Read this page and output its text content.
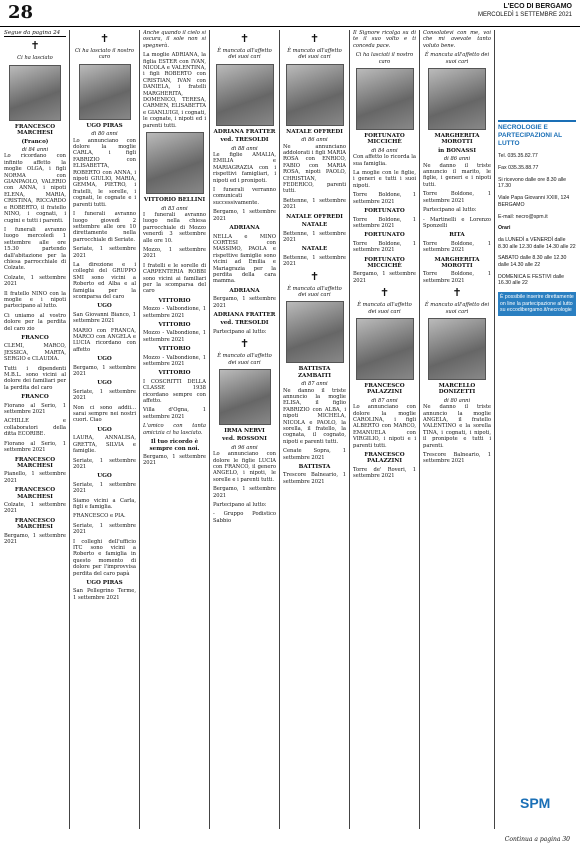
28	L'ECO DI BERGAMO
MERCOLEDÌ 1 SETTEMBRE 2021
Segue da pagina 24
✝
Ci ha lasciato
FRANCESCO MARCHESI
(Franco)
di 84 anni

Lo ricordano con infinito affetto la moglie OLGA, i figli NORMA con GIANPAOLO, VALERIO con ANNA, i nipoti ELENA, MARIA, CRISTINA, RICCARDO e ROBERTO, il fratello NINO, i cognati, i cugini e tutti i parenti.

I funerali avranno luogo mercoledì 1 settembre alle ore 15.30 partendo dall'abitazione per la chiesa parrocchiale di Colzate.

Colzate, 1 settembre 2021

Il fratello NINO con la moglie e i nipoti partecipano al lutto.

Ci uniamo al vostro dolore per la perdita del caro zio

FRANCO

CLEMI, MARCO, JESSICA, MARTA, SERGIO e CLAUDIA.

Tutti i dipendenti M.B.L. sono vicini al dolore dei familiari per la perdita del caro

FRANCO

Fiorano al Serio, 1 settembre 2021

ACHILLE e collaboratori della ditta ECORIBE.

Fiorano al Serio, 1 settembre 2021

FRANCESCO MARCHESI

Pianello, 1 settembre 2021

FRANCESCO MARCHESI

Colzate, 1 settembre 2021

FRANCESCO MARCHESI

Bergamo, 1 settembre 2021

✝
Ci ha lasciato il nostro caro
UGO PIRAS
di 80 anni

Lo annunciano con dolore la moglie CARLA, i figli FABRIZIO con ELISABETTA, ROBERTO con ANNA, i nipoti GIULIO, MARIA, GEMMA, PIETRO, i fratelli, le sorelle, i cognati, le cognate e i parenti tutti.

I funerali avranno luogo giovedì 2 settembre alle ore 10 direttamente nella parrocchiale di Seriate.

Seriate, 1 settembre 2021

La direzione e i colleghi del GRUPPO SMI sono vicini a Roberto ed Alba e al famiglia per la scomparsa del caro

UGO

San Giovanni Bianco, 1 settembre 2021

MARIO con FRANCA, MARCO con ANGELA e LUCIA ricordano con affetto

UGO

Bergamo, 1 settembre 2021

UGO

Seriate, 1 settembre 2021

Non ci sono addii... sarai sempre nei nostri cuori. Ciao

UGO

LAURA, ANNALISA, GRETTA, SILVIA e famiglie.

Seriate, 1 settembre 2021

UGO

Seriate, 1 settembre 2021

Siamo vicini a Carla, figli e famiglia.

FRANCESCO e PIA.

Seriate, 1 settembre 2021

I colleghi dell'ufficio ITC sono vicini a Roberto e famiglia in questo momento di dolore per l'improvvisa perdita del caro papà

UGO PIRAS

San Pellegrino Terme, 1 settembre 2021

Anche quando il cielo si oscura, il sole non si spegnerà.

La moglie ADRIANA, la figlia ESTER con IVAN, NICOLA e VALENTINA, i figli ROBERTO con CRISTIAN, IVAN con DANIELA, i fratelli MARGHERITA, DOMENICO, TERESA, CARMEN, ELISABETTA e GIANLUIGI, i cognati, le cognate, i nipoti ed i parenti tutti.

VITTORIO BELLINI
di 83 anni

I funerali avranno luogo nella chiesa parrocchiale di Mozzo venerdì 3 settembre alle ore 10.

Mozzo, 1 settembre 2021

I fratelli e le sorelle di CARPENTERIA ROBBI sono vicini ai familiari per la scomparsa del caro

VITTORIO

Mozzo - Valbondione, 1 settembre 2021

VITTORIO

Mozzo - Valbondione, 1 settembre 2021

VITTORIO

Mozzo - Valbondione, 1 settembre 2021

VITTORIO

I COSCRITTI DELLA CLASSE 1938 ricordano sempre con affetto.

Villa d'Ogna, 1 settembre 2021

L'amico con tanta amicizia ci ha lasciato.

Il tuo ricordo è sempre con noi.

Bergamo, 1 settembre 2021

✝
È mancata all'affetto dei suoi cari
ADRIANA FRATTER
ved. TRESOLDI
di 88 anni

Le figlie AMALIA, EMILIA e MARIAGRAZIA con i rispettivi famigliari, i nipoti ed i pronipoti.

I funerali verranno comunicati successivamente.

Bergamo, 1 settembre 2021

ADRIANA

NELLA e MINO CORTESI con MASSIMO, PAOLA e rispettive famiglie sono vicini ad Emilia e Mariagrazia per la perdita della cara mamma.

ADRIANA

Bergamo, 1 settembre 2021

ADRIANA FRATTER
ved. TRESOLDI

Partecipano al lutto:

✝
È mancato all'affetto dei suoi cari
IRMA NERVI
ved. ROSSONI
di 96 anni

Lo annunciano con dolore le figlie LUCIA con FRANCO, il genero ANGELO, i nipoti, le sorelle e i parenti tutti.

Bergamo, 1 settembre 2021

Partecipano al lutto:

- Gruppo Podistico Sabbio

✝
È mancato all'affetto dei suoi cari
NATALE OFFREDI
di 86 anni

Ne annunciano addolorati i figli MARIA ROSA con ENRICO, FABIO con MARIA ROSA, nipoti PAOLO, CHRISTIAN, FEDERICO, parenti tutti.

Bettenne, 1 settembre 2021

NATALE OFFREDI
NATALE

Bettenne, 1 settembre 2021

NATALE

Bettenne, 1 settembre 2021

✝
È mancata all'affetto dei suoi cari
BATTISTA ZAMBAITI
di 87 anni

Ne danno il triste annuncio la moglie ELISA, il figlio FABRIZIO con ALBA, i nipoti MICHELA, NICOLA e PAOLO, la sorella, il fratello, la cognata, il cognato, nipoti e parenti tutti.

Cenate Sopra, 1 settembre 2021

BATTISTA

Trescore Balneario, 1 settembre 2021

Il Signore ricolga su di te il suo volto e ti conceda pace.

Ci ha lasciati il nostro caro
FORTUNATO MICCICHÈ
di 84 anni

Con affetto lo ricorda la sua famiglia.

La moglie con le figlie, i generi e tutti i suoi nipoti.

Torre Boldone, 1 settembre 2021

FORTUNATO

Torre Boldone, 1 settembre 2021

FORTUNATO

Torre Boldone, 1 settembre 2021

FORTUNATO MICCICHÈ

Bergamo, 1 settembre 2021

✝
È mancata all'affetto dei suoi cari
FRANCESCO PALAZZINI
di 87 anni

Lo annunciano con dolore la moglie CAROLINA, i figli ALBERTO con MARCO, EMANUELA con VIRGILIO, i nipoti e i parenti tutti.

FRANCESCO PALAZZINI

Torre de' Roveri, 1 settembre 2021

Consolatevi con me, voi che mi avevate tanto voluto bene.

È mancata all'affetto dei suoi cari
MARGHERITA MOROTTI
in BONASSI
di 86 anni

Ne danno il triste annuncio il marito, le figlie, i generi e i nipoti tutti.

Torre Boldone, 1 settembre 2021

Partecipano al lutto:

- Martinelli e Lorenzo Sponzelli

RITA

Torre Boldone, 1 settembre 2021

MARGHERITA MOROTTI

Torre Boldone, 1 settembre 2021

✝
È mancato all'affetto dei suoi cari
MARCELLO DONIZETTI
di 80 anni

Ne danno il triste annuncio la moglie ANGELA, il fratello VALENTINO e la sorella TINA, i cognati, i nipoti, il pronipote e tutti i parenti.

Trescore Balneario, 1 settembre 2021

NECROLOGIE E PARTECIPAZIONI AL LUTTO

Tel. 035.35.82.77

Fax 035.35.88.77

Si ricevono dalle ore 8.30 alle 17.30

Viale Papa Giovanni XXIII, 124 BERGAMO

E-mail: necro@spm.it

Orari

da LUNEDÌ a VENERDÌ dalle 8.30 alle 12.30 dalle 14.30 alle 22

SABATO dalle 8.30 alle 12.30 dalle 14.30 alle 22

DOMENICA E FESTIVI dalle 16.30 alle 22

È possibile inserire direttamente on line la partecipazione al lutto su eccodibergamo.it/necrologie
SPM
Continua a pagina 30
